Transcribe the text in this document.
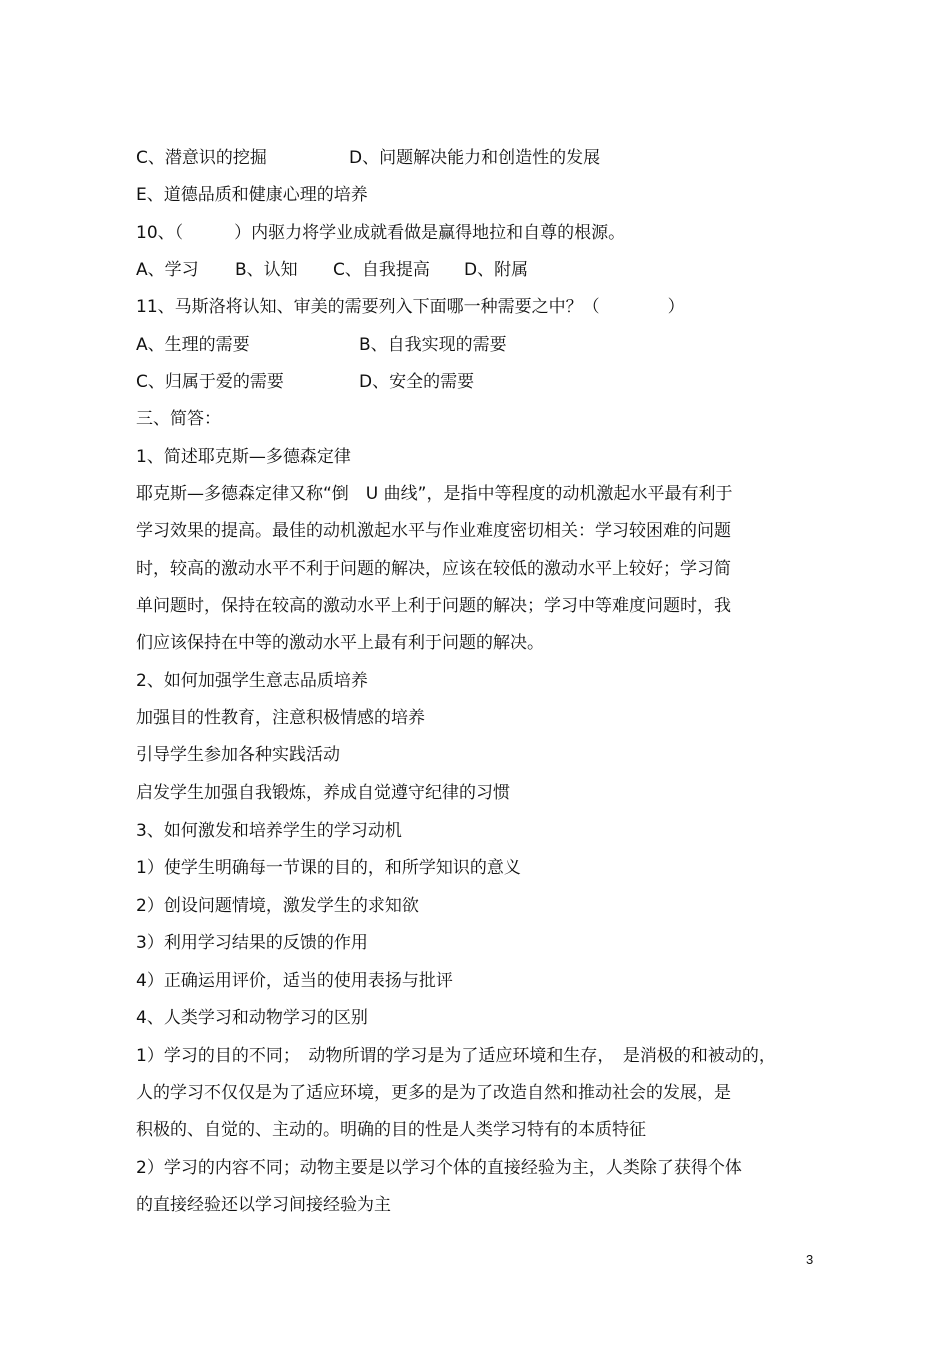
C、潜意识的挖掘	D、问题解决能力和创造性的发展
E、道德品质和健康心理的培养
10、（　　　）内驱力将学业成就看做是赢得地拉和自尊的根源。
A、学习 B、认知 C、自我提高 D、附属
11、马斯洛将认知、审美的需要列入下面哪一种需要之中？（　　　　）
A、生理的需要	B、自我实现的需要
C、归属于爱的需要	D、安全的需要
三、简答：
1、简述耶克斯—多德森定律
耶克斯—多德森定律又称“倒　U 曲线”，是指中等程度的动机激起水平最有利于
学习效果的提高。最佳的动机激起水平与作业难度密切相关：学习较困难的问题
时，较高的激动水平不利于问题的解决，应该在较低的激动水平上较好；学习简
单问题时，保持在较高的激动水平上利于问题的解决；学习中等难度问题时，我
们应该保持在中等的激动水平上最有利于问题的解决。
2、如何加强学生意志品质培养
加强目的性教育，注意积极情感的培养
引导学生参加各种实践活动
启发学生加强自我锻炼，养成自觉遵守纪律的习惯
3、如何激发和培养学生的学习动机
1）使学生明确每一节课的目的，和所学知识的意义
2）创设问题情境，激发学生的求知欲
3）利用学习结果的反馈的作用
4）正确运用评价，适当的使用表扬与批评
4、人类学习和动物学习的区别
1）学习的目的不同；　动物所谓的学习是为了适应环境和生存，　是消极的和被动的，
人的学习不仅仅是为了适应环境，更多的是为了改造自然和推动社会的发展，是
积极的、自觉的、主动的。明确的目的性是人类学习特有的本质特征
2）学习的内容不同；动物主要是以学习个体的直接经验为主，人类除了获得个体
的直接经验还以学习间接经验为主
3
